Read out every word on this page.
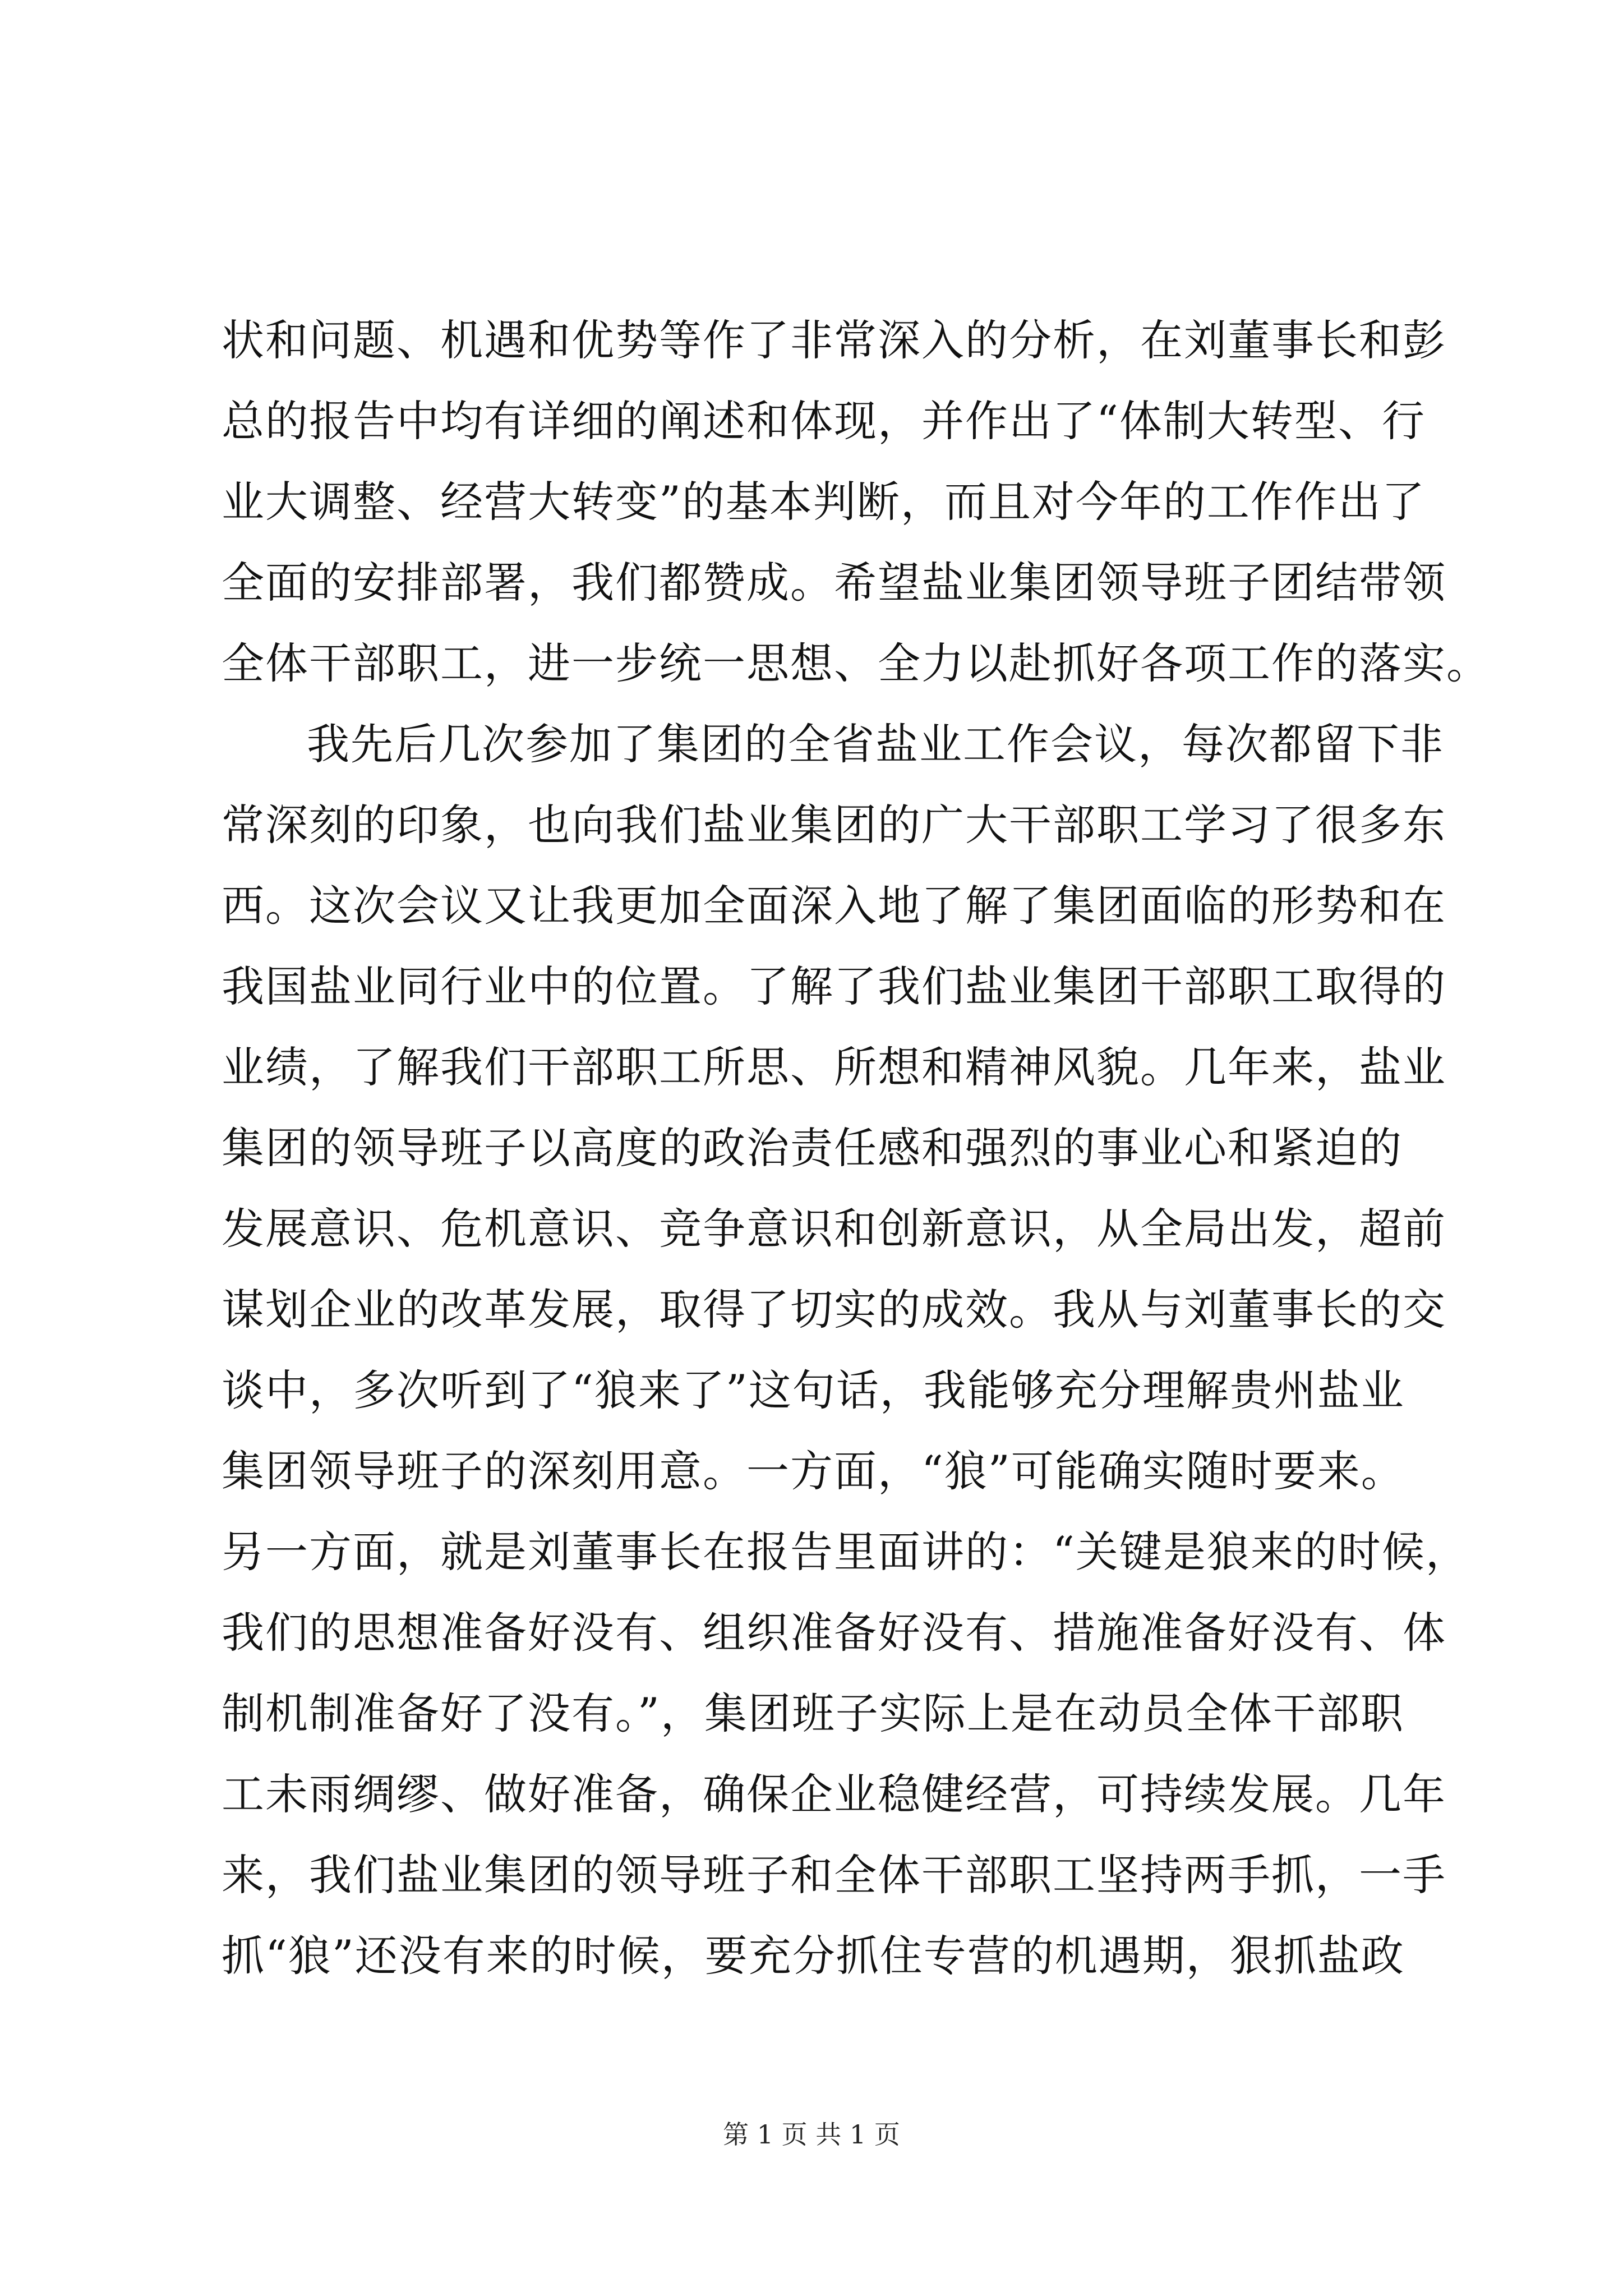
状和问题、机遇和优势等作了非常深入的分析，在刘董事长和彭
总的报告中均有详细的阐述和体现，并作出了“体制大转型、行
业大调整、经营大转变”的基本判断，而且对今年的工作作出了
全面的安排部署，我们都赞成。希望盐业集团领导班子团结带领
全体干部职工，进一步统一思想、全力以赴抓好各项工作的落实。
我先后几次参加了集团的全省盐业工作会议，每次都留下非
常深刻的印象，也向我们盐业集团的广大干部职工学习了很多东
西。这次会议又让我更加全面深入地了解了集团面临的形势和在
我国盐业同行业中的位置。了解了我们盐业集团干部职工取得的
业绩，了解我们干部职工所思、所想和精神风貌。几年来，盐业
集团的领导班子以高度的政治责任感和强烈的事业心和紧迫的
发展意识、危机意识、竞争意识和创新意识，从全局出发，超前
谋划企业的改革发展，取得了切实的成效。我从与刘董事长的交
谈中，多次听到了“狼来了”这句话，我能够充分理解贵州盐业
集团领导班子的深刻用意。一方面，“狼”可能确实随时要来。
另一方面，就是刘董事长在报告里面讲的：“关键是狼来的时候，
我们的思想准备好没有、组织准备好没有、措施准备好没有、体
制机制准备好了没有。”，集团班子实际上是在动员全体干部职
工未雨绸缪、做好准备，确保企业稳健经营，可持续发展。几年
来，我们盐业集团的领导班子和全体干部职工坚持两手抓，一手
抓“狼”还没有来的时候，要充分抓住专营的机遇期，狠抓盐政
第 1 页 共 1 页
